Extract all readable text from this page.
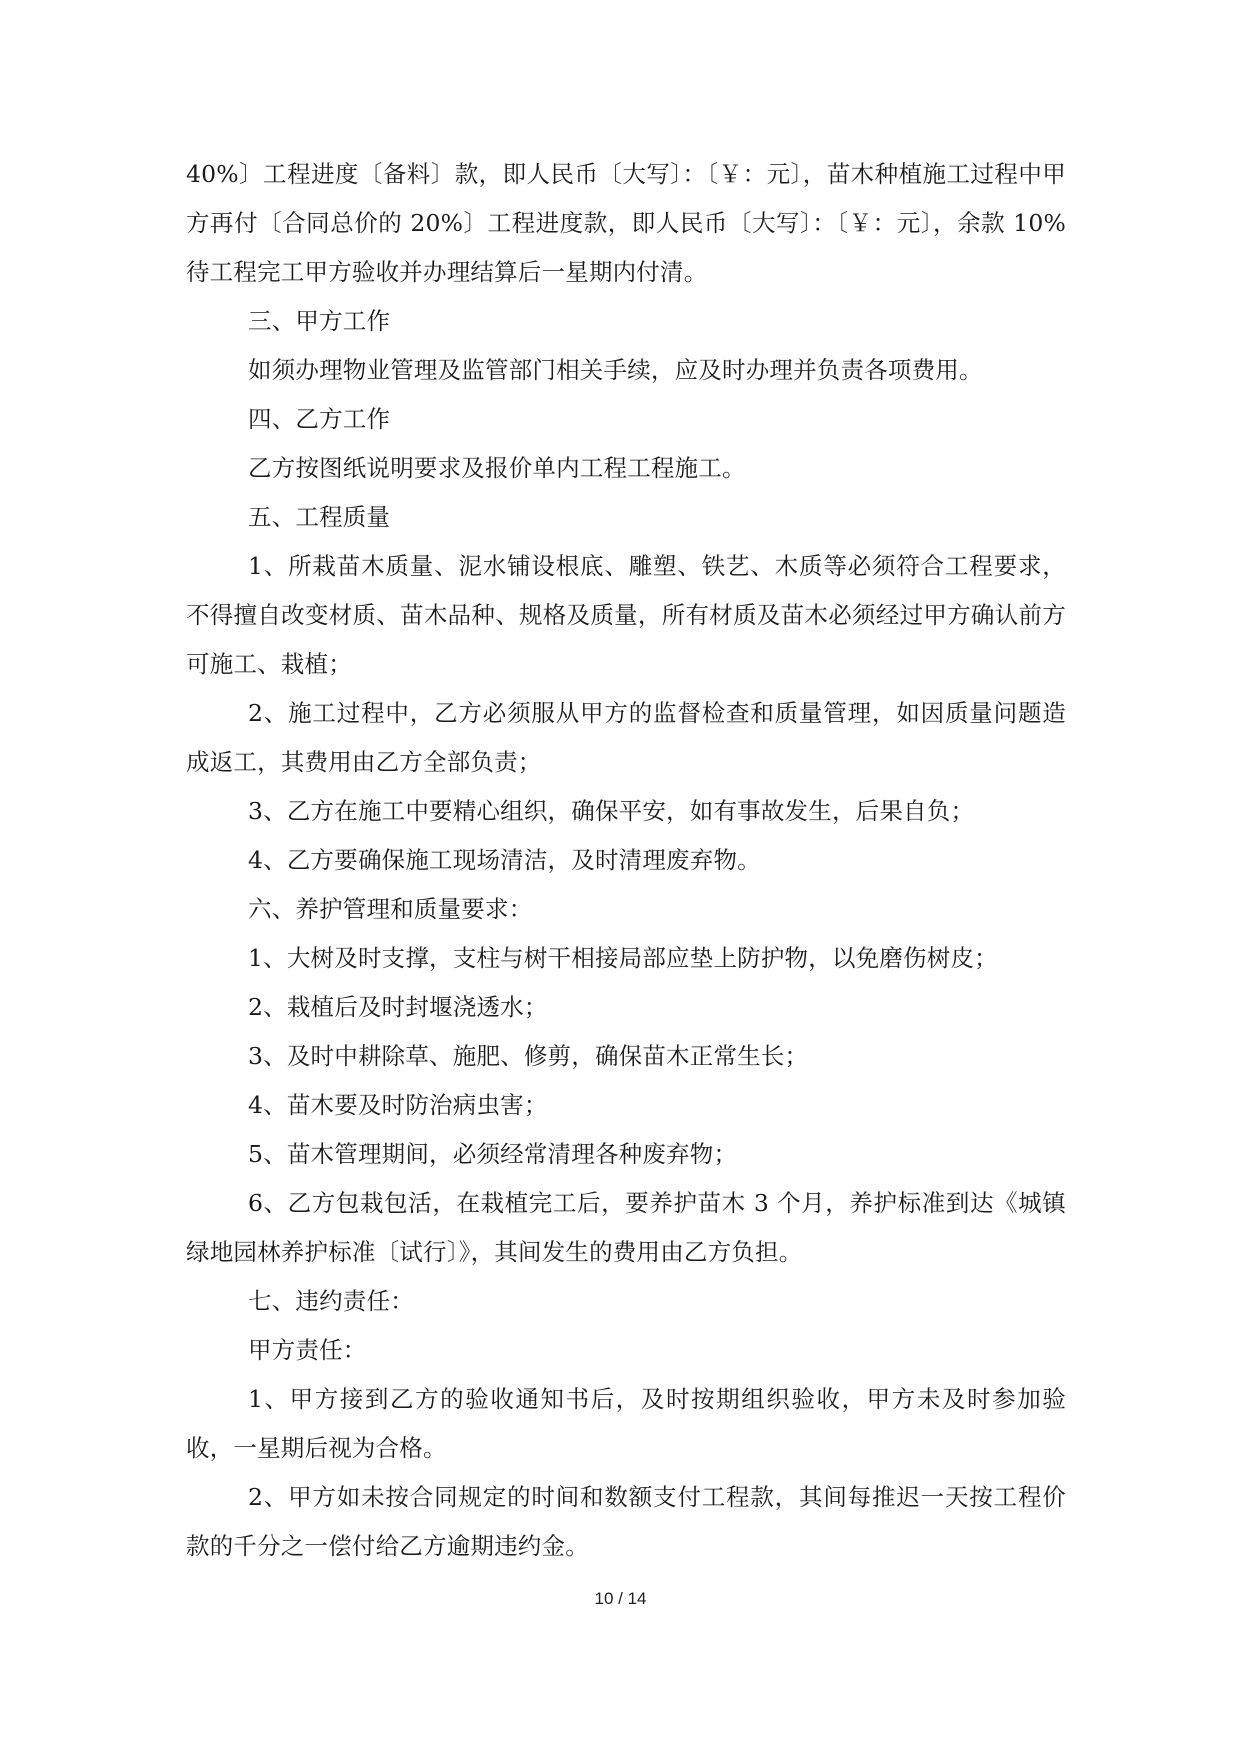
40%〕工程进度〔备料〕款，即人民币〔大写〕：〔￥：元〕，苗木种植施工过程中甲方再付〔合同总价的 20%〕工程进度款，即人民币〔大写〕：〔￥：元〕，余款 10%待工程完工甲方验收并办理结算后一星期内付清。

三、甲方工作

如须办理物业管理及监管部门相关手续，应及时办理并负责各项费用。

四、乙方工作

乙方按图纸说明要求及报价单内工程工程施工。

五、工程质量

1、所栽苗木质量、泥水铺设根底、雕塑、铁艺、木质等必须符合工程要求，不得擅自改变材质、苗木品种、规格及质量，所有材质及苗木必须经过甲方确认前方可施工、栽植；

2、施工过程中，乙方必须服从甲方的监督检查和质量管理，如因质量问题造成返工，其费用由乙方全部负责；

3、乙方在施工中要精心组织，确保平安，如有事故发生，后果自负；

4、乙方要确保施工现场清洁，及时清理废弃物。

六、养护管理和质量要求：

1、大树及时支撑，支柱与树干相接局部应垫上防护物，以免磨伤树皮；

2、栽植后及时封堰浇透水；

3、及时中耕除草、施肥、修剪，确保苗木正常生长；

4、苗木要及时防治病虫害；

5、苗木管理期间，必须经常清理各种废弃物；

6、乙方包栽包活，在栽植完工后，要养护苗木 3 个月，养护标准到达《城镇绿地园林养护标准〔试行〕》，其间发生的费用由乙方负担。

七、违约责任：

甲方责任：

1、甲方接到乙方的验收通知书后，及时按期组织验收，甲方未及时参加验收，一星期后视为合格。

2、甲方如未按合同规定的时间和数额支付工程款，其间每推迟一天按工程价款的千分之一偿付给乙方逾期违约金。

10 / 14
